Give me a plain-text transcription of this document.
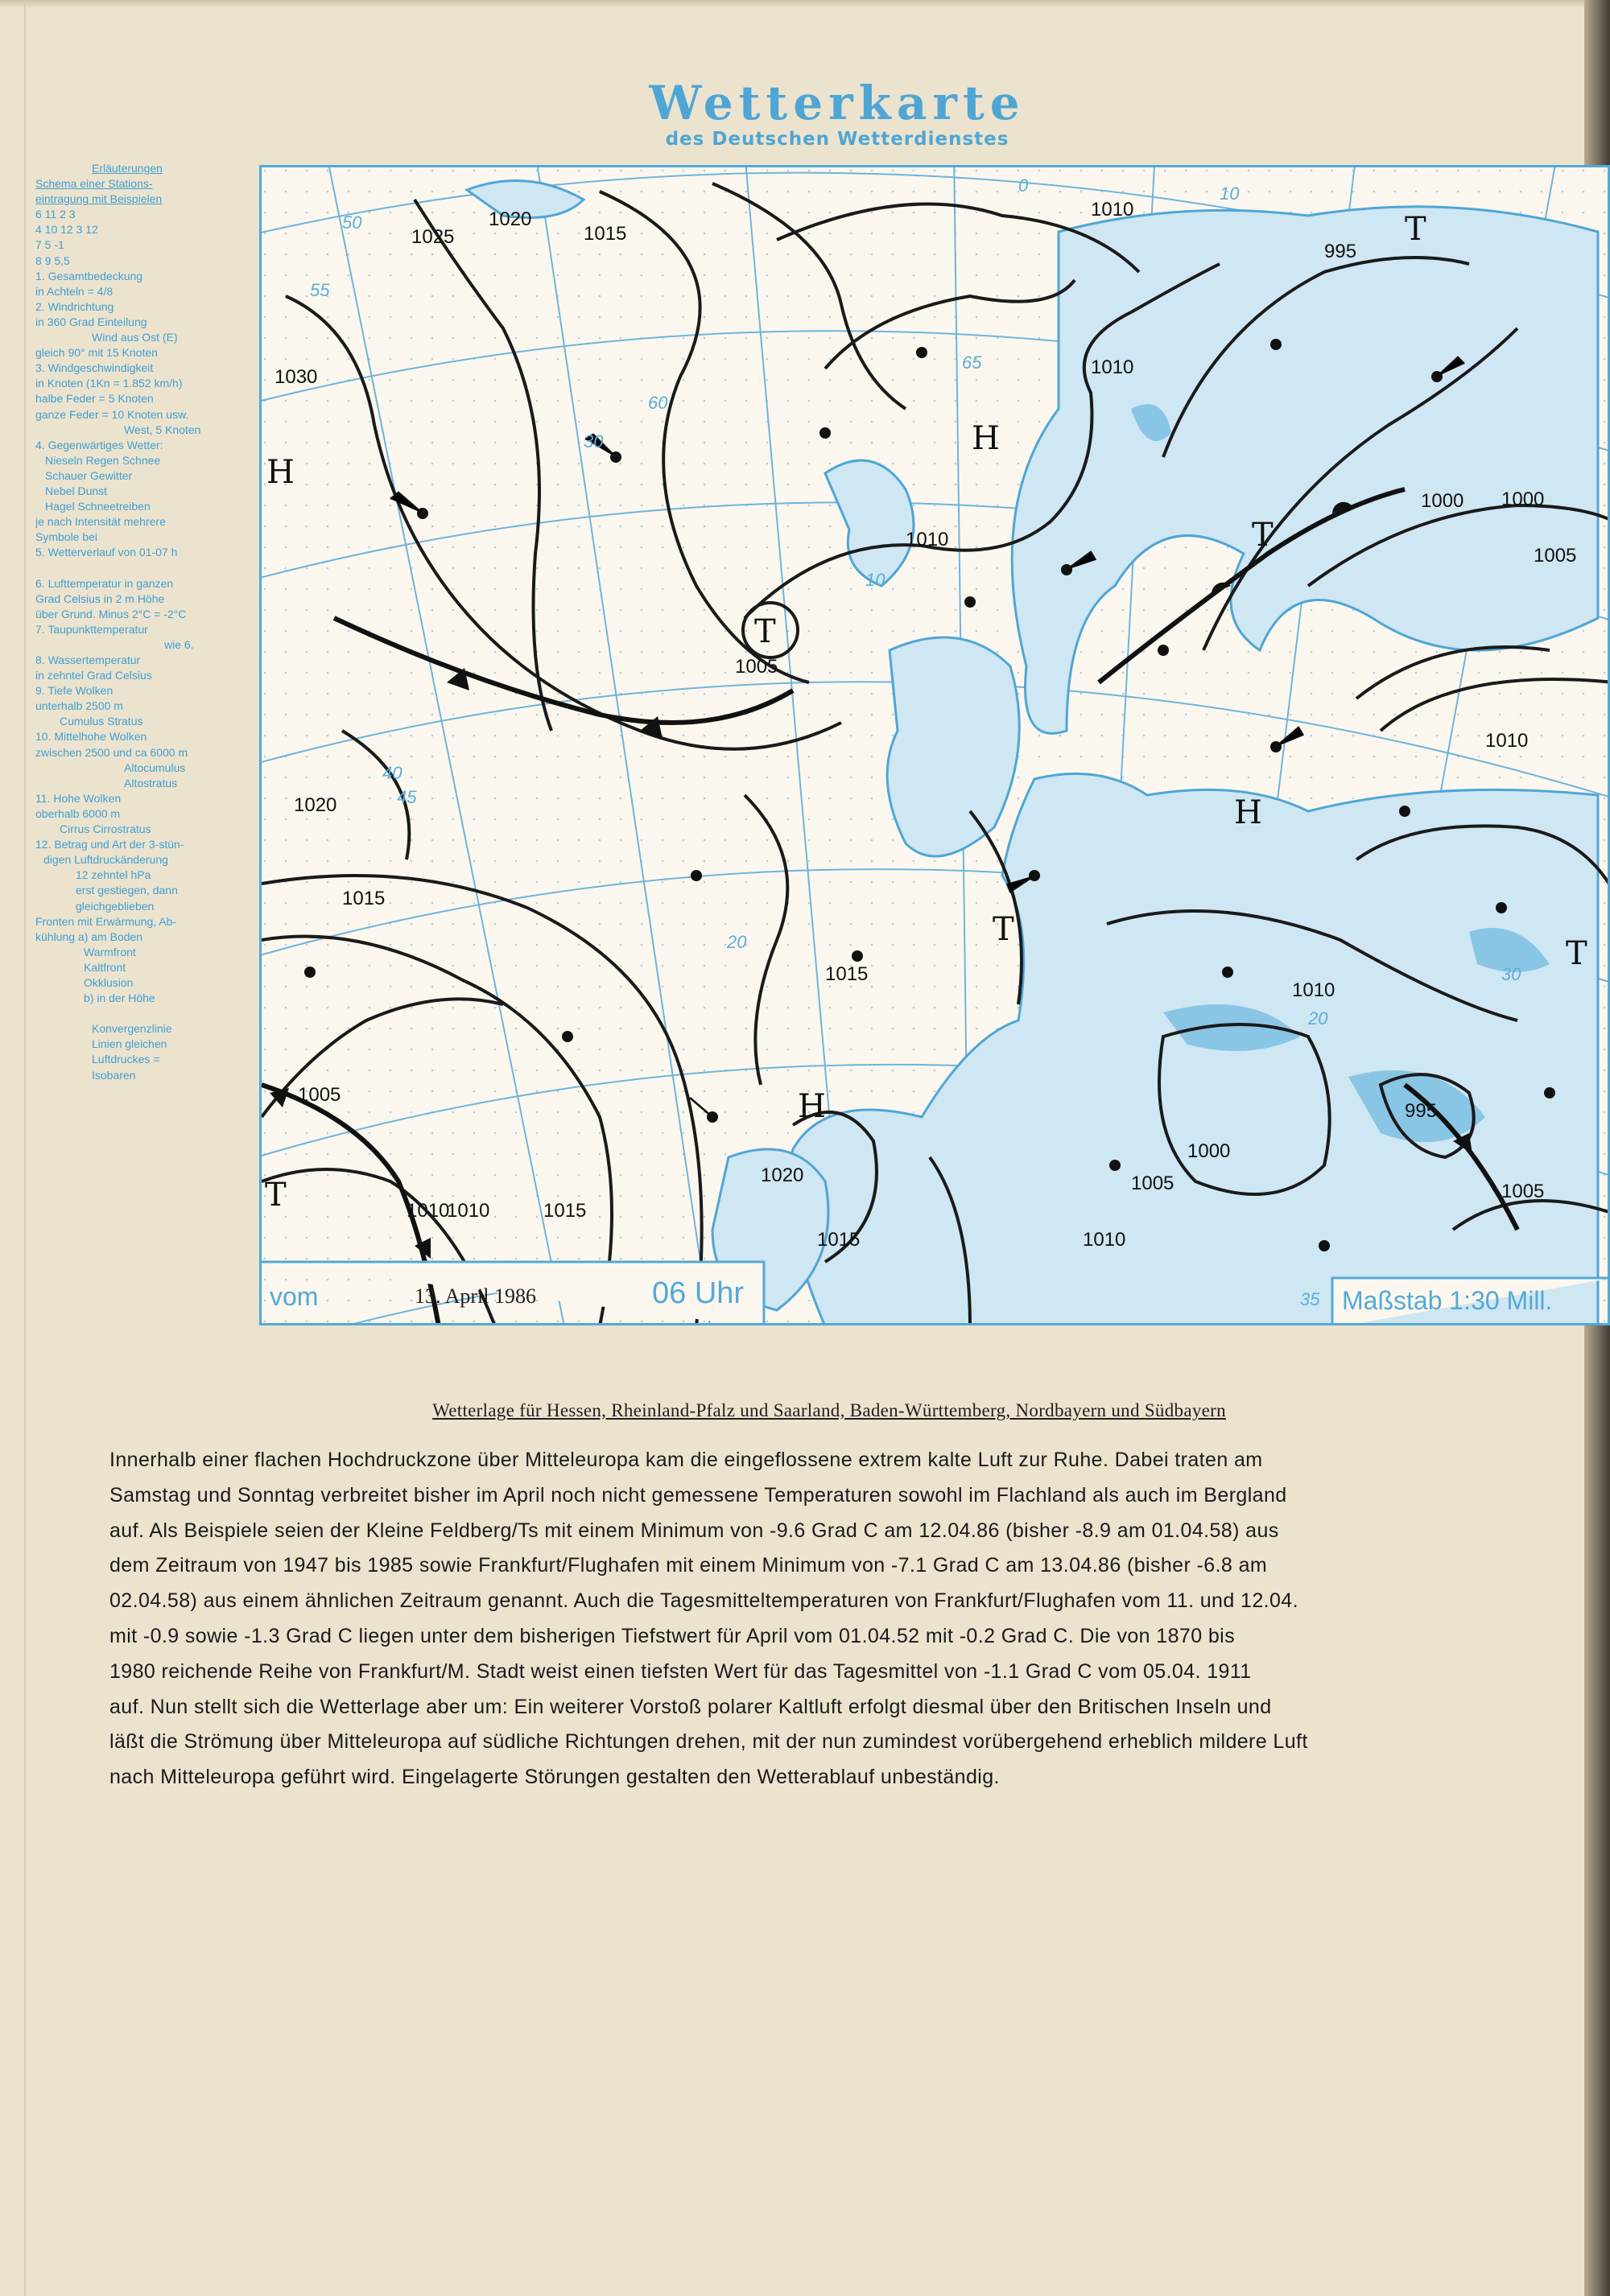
Wetterkarte
des Deutschen Wetterdienstes
Erläuterungen
Schema einer Stations-
eintragung mit Beispielen
6 11 2 3
4 10 12 3 12
7 5 -1
8 9 5,5
1. Gesamtbedeckung
in Achteln = 4/8
2. Windrichtung
in 360 Grad Einteilung
Wind aus Ost (E)
gleich 90° mit 15 Knoten
3. Windgeschwindigkeit
in Knoten (1Kn = 1.852 km/h)
halbe Feder = 5 Knoten
ganze Feder = 10 Knoten usw.
West, 5 Knoten
4. Gegenwärtiges Wetter:
Nieseln Regen Schnee
Schauer Gewitter
Nebel Dunst
Hagel Schneetreiben
je nach Intensität mehrere
Symbole bei
5. Wetterverlauf von 01-07 h
6. Lufttemperatur in ganzen
Grad Celsius in 2 m Höhe
über Grund. Minus 2°C = -2°C
7. Taupunkttemperatur
wie 6.
8. Wassertemperatur
in zehntel Grad Celsius
9. Tiefe Wolken
unterhalb 2500 m
Cumulus Stratus
10. Mittelhohe Wolken
zwischen 2500 und ca 6000 m
Altocumulus
Altostratus
11. Hohe Wolken
oberhalb 6000 m
Cirrus Cirrostratus
12. Betrag und Art der 3-stün-
digen Luftdruckänderung
12 zehntel hPa
erst gestiegen, dann
gleichgeblieben
Fronten mit Erwärmung, Ab-
kühlung a) am Boden
Warmfront
Kaltfront
Okklusion
b) in der Höhe
Konvergenzlinie
Linien gleichen
Luftdruckes =
Isobaren
H
H
H
H
T
T
T
T
T
T
1010
1015
1020
1025
1030	1010
1015
1020
1005
1000
995
1005
1010
1015
1000
995
1005
1010	1015
1010
1000
1005
1010
1005
1020
1015
1010
1010
50
55
60
65
40
45
30
20
10
0	10
20
30
35
vom	13. April 1986	06 Uhr	Maßstab 1:30 Mill.
Wetterlage für Hessen, Rheinland-Pfalz und Saarland, Baden-Württemberg, Nordbayern und Südbayern
Innerhalb einer flachen Hochdruckzone über Mitteleuropa kam die eingeflossene extrem kalte Luft zur Ruhe. Dabei traten am
Samstag und Sonntag verbreitet bisher im April noch nicht gemessene Temperaturen sowohl im Flachland als auch im Bergland
auf. Als Beispiele seien der Kleine Feldberg/Ts mit einem Minimum von -9.6 Grad C am 12.04.86 (bisher -8.9 am 01.04.58) aus
dem Zeitraum von 1947 bis 1985 sowie Frankfurt/Flughafen mit einem Minimum von -7.1 Grad C am 13.04.86 (bisher -6.8 am
02.04.58) aus einem ähnlichen Zeitraum genannt. Auch die Tagesmitteltemperaturen von Frankfurt/Flughafen vom 11. und 12.04.
mit -0.9 sowie -1.3 Grad C liegen unter dem bisherigen Tiefstwert für April vom 01.04.52 mit -0.2 Grad C. Die von 1870 bis
1980 reichende Reihe von Frankfurt/M. Stadt weist einen tiefsten Wert für das Tagesmittel von -1.1 Grad C vom 05.04. 1911
auf. Nun stellt sich die Wetterlage aber um: Ein weiterer Vorstoß polarer Kaltluft erfolgt diesmal über den Britischen Inseln und
läßt die Strömung über Mitteleuropa auf südliche Richtungen drehen, mit der nun zumindest vorübergehend erheblich mildere Luft
nach Mitteleuropa geführt wird. Eingelagerte Störungen gestalten den Wetterablauf unbeständig.
